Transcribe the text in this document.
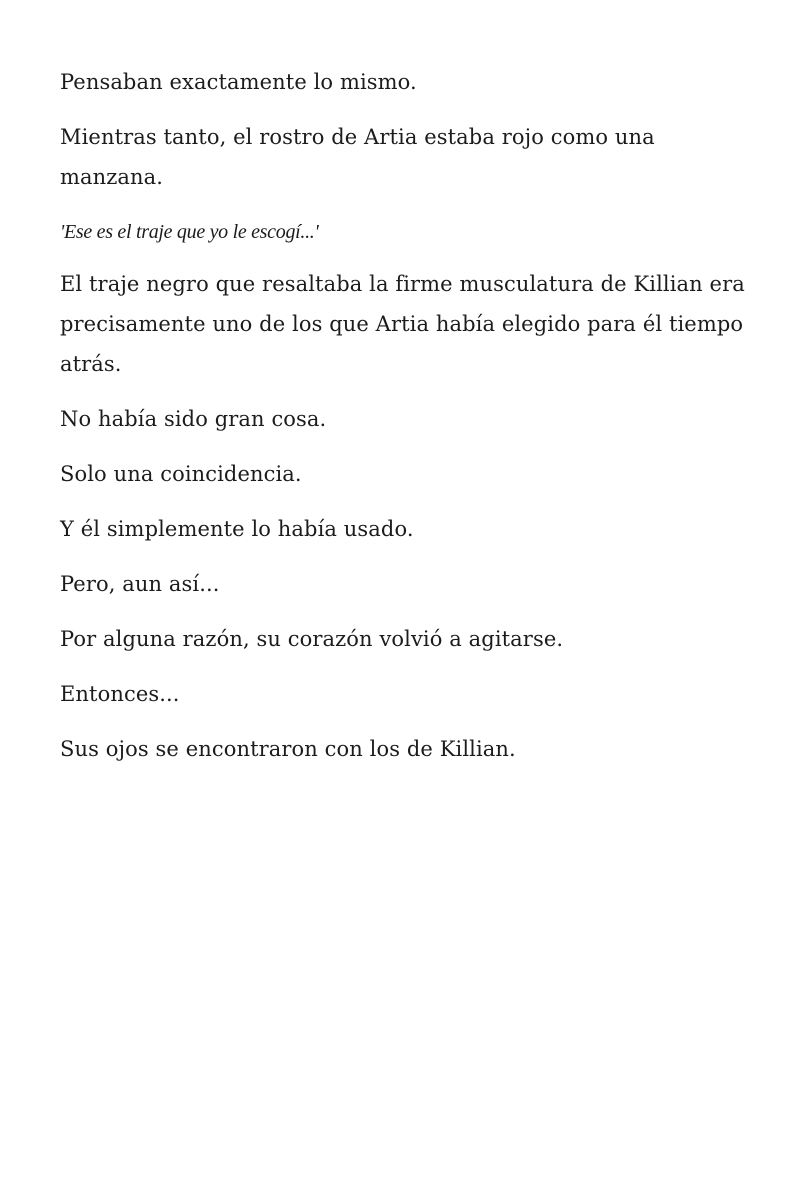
Pensaban exactamente lo mismo.

Mientras tanto, el rostro de Artia estaba rojo como una manzana.

'Ese es el traje que yo le escogí...'

El traje negro que resaltaba la firme musculatura de Killian era precisamente uno de los que Artia había elegido para él tiempo atrás.

No había sido gran cosa.

Solo una coincidencia.

Y él simplemente lo había usado.

Pero, aun así...

Por alguna razón, su corazón volvió a agitarse.

Entonces...

Sus ojos se encontraron con los de Killian.
